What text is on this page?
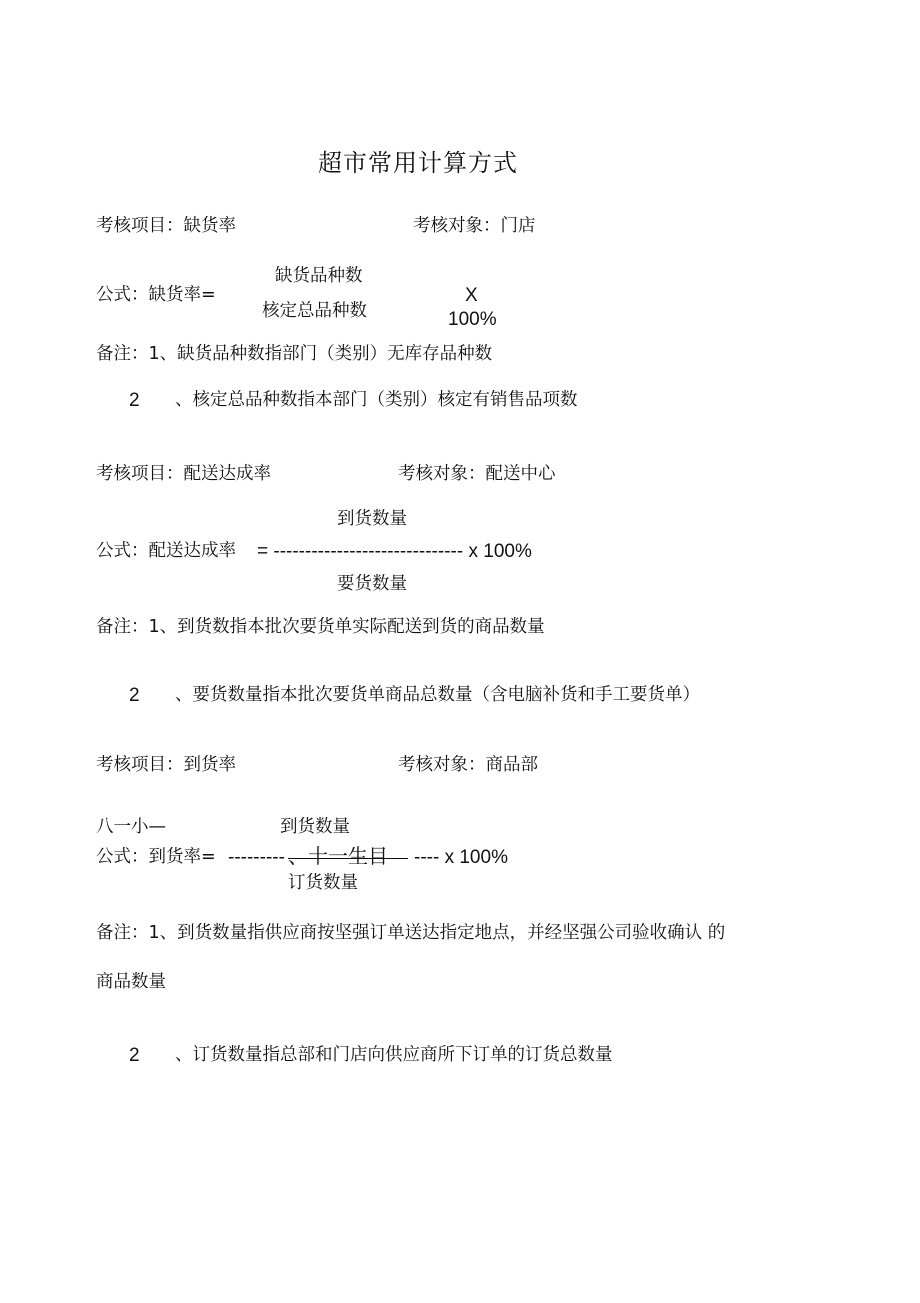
超市常用计算方式
考核项目：缺货率	考核对象：门店
缺货品种数
公式：缺货率=	X
核定总品种数	100%
备注：1、缺货品种数指部门（类别）无库存品种数
2 、核定总品种数指本部门（类别）核定有销售品项数
考核项目：配送达成率	考核对象：配送中心
到货数量
公式：配送达成率 = ------------------------------ x 100%
要货数量
备注：1、到货数指本批次要货单实际配送到货的商品数量
2 、要货数量指本批次要货单商品总数量（含电脑补货和手工要货单）
考核项目：到货率	考核对象：商品部
八一小—	到货数量
公式：到货率= --------- 、十一生目 ---- x 100%
订货数量
备注：1、到货数量指供应商按坚强订单送达指定地点，并经坚强公司验收确认 的
商品数量
2 、订货数量指总部和门店向供应商所下订单的订货总数量
